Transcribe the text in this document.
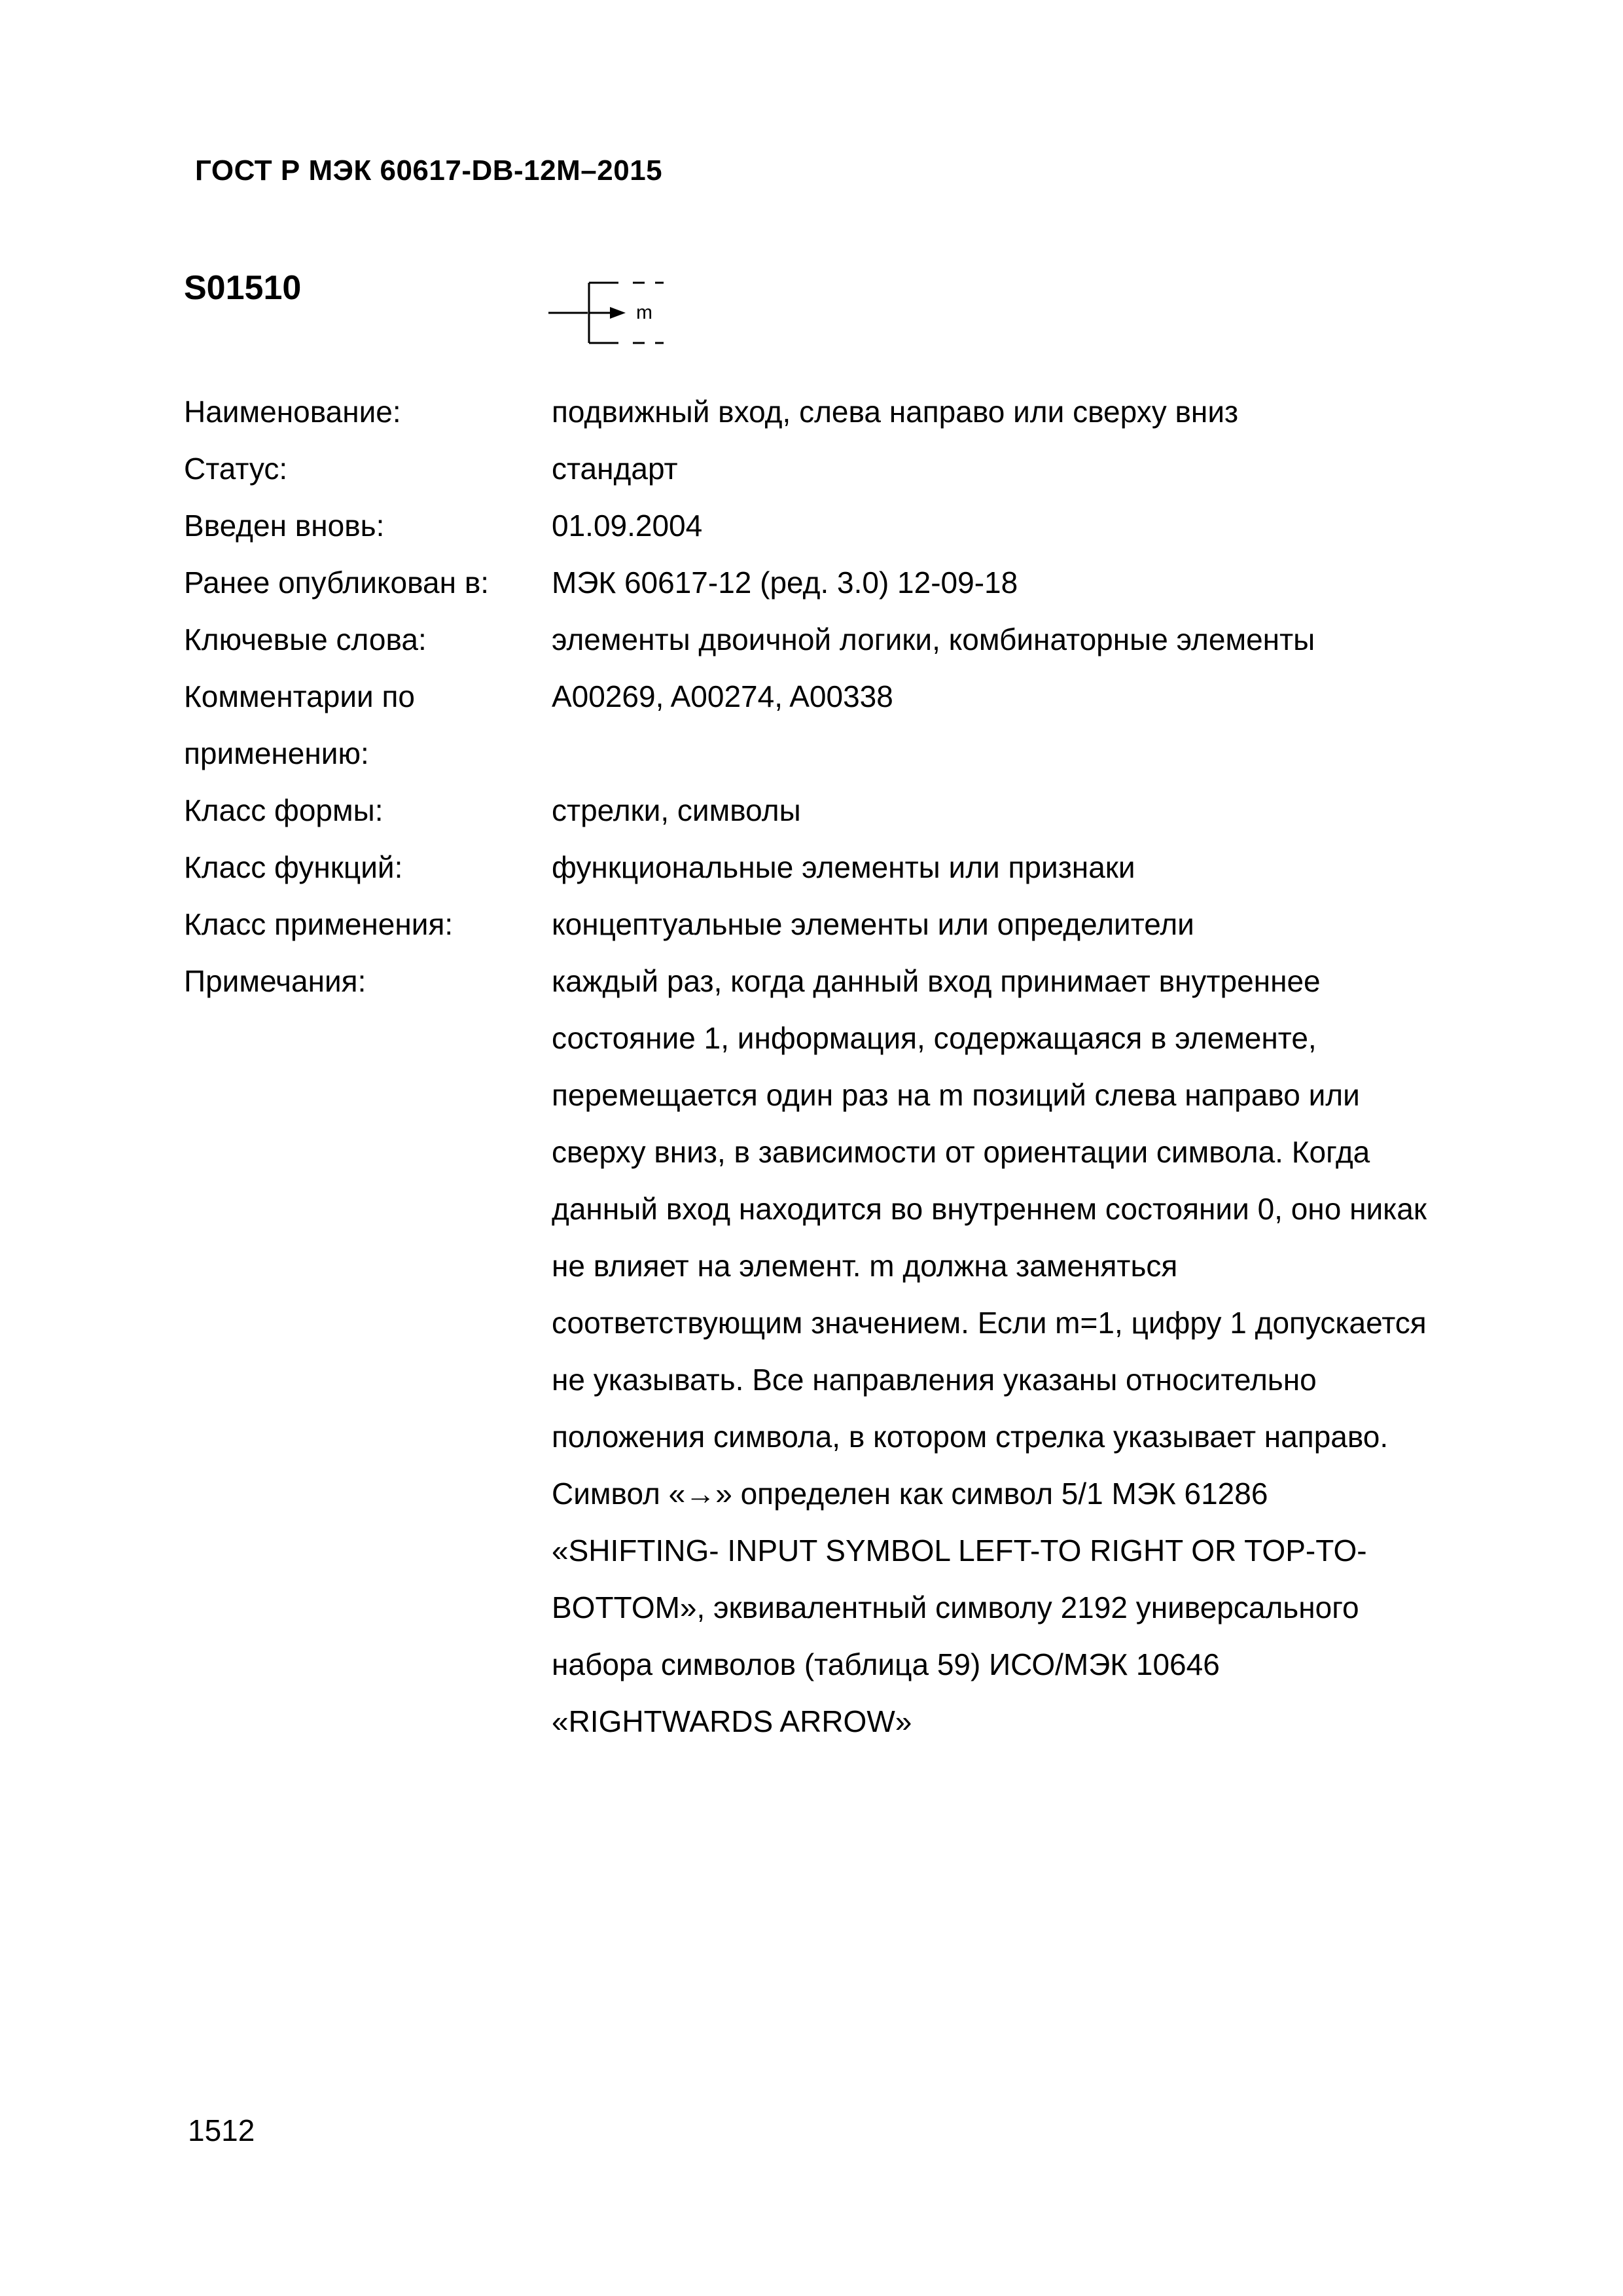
ГОСТ Р МЭК 60617-DB-12М–2015
S01510
m
Наименование:	подвижный вход, слева направо или сверху вниз
Статус:	стандарт
Введен вновь:	01.09.2004
Ранее опубликован в:	МЭК 60617-12 (ред. 3.0) 12-09-18
Ключевые слова:	элементы двоичной логики, комбинаторные элементы
Комментарии по применению:	A00269, A00274, A00338
Класс формы:	стрелки, символы
Класс функций:	функциональные элементы или признаки
Класс применения:	концептуальные элементы или определители
Примечания:	каждый раз, когда данный вход принимает внутреннее состояние 1, информация, содержащаяся в элементе, перемещается один раз на m позиций слева направо или сверху вниз, в зависимости от ориентации символа. Когда данный вход находится во внутреннем состоянии 0, оно никак не влияет на элемент. m должна заменяться соответствующим значением. Если m=1, цифру 1 допускается не указывать. Все направления указаны относительно положения символа, в котором стрелка указывает направо. Символ «→» определен как символ 5/1 МЭК 61286 «SHIFTING- INPUT SYMBOL LEFT-TO RIGHT OR TOP-TO-BOTTOM», эквивалентный символу 2192 универсального набора символов (таблица 59) ИСО/МЭК 10646 «RIGHTWARDS ARROW»
1512
